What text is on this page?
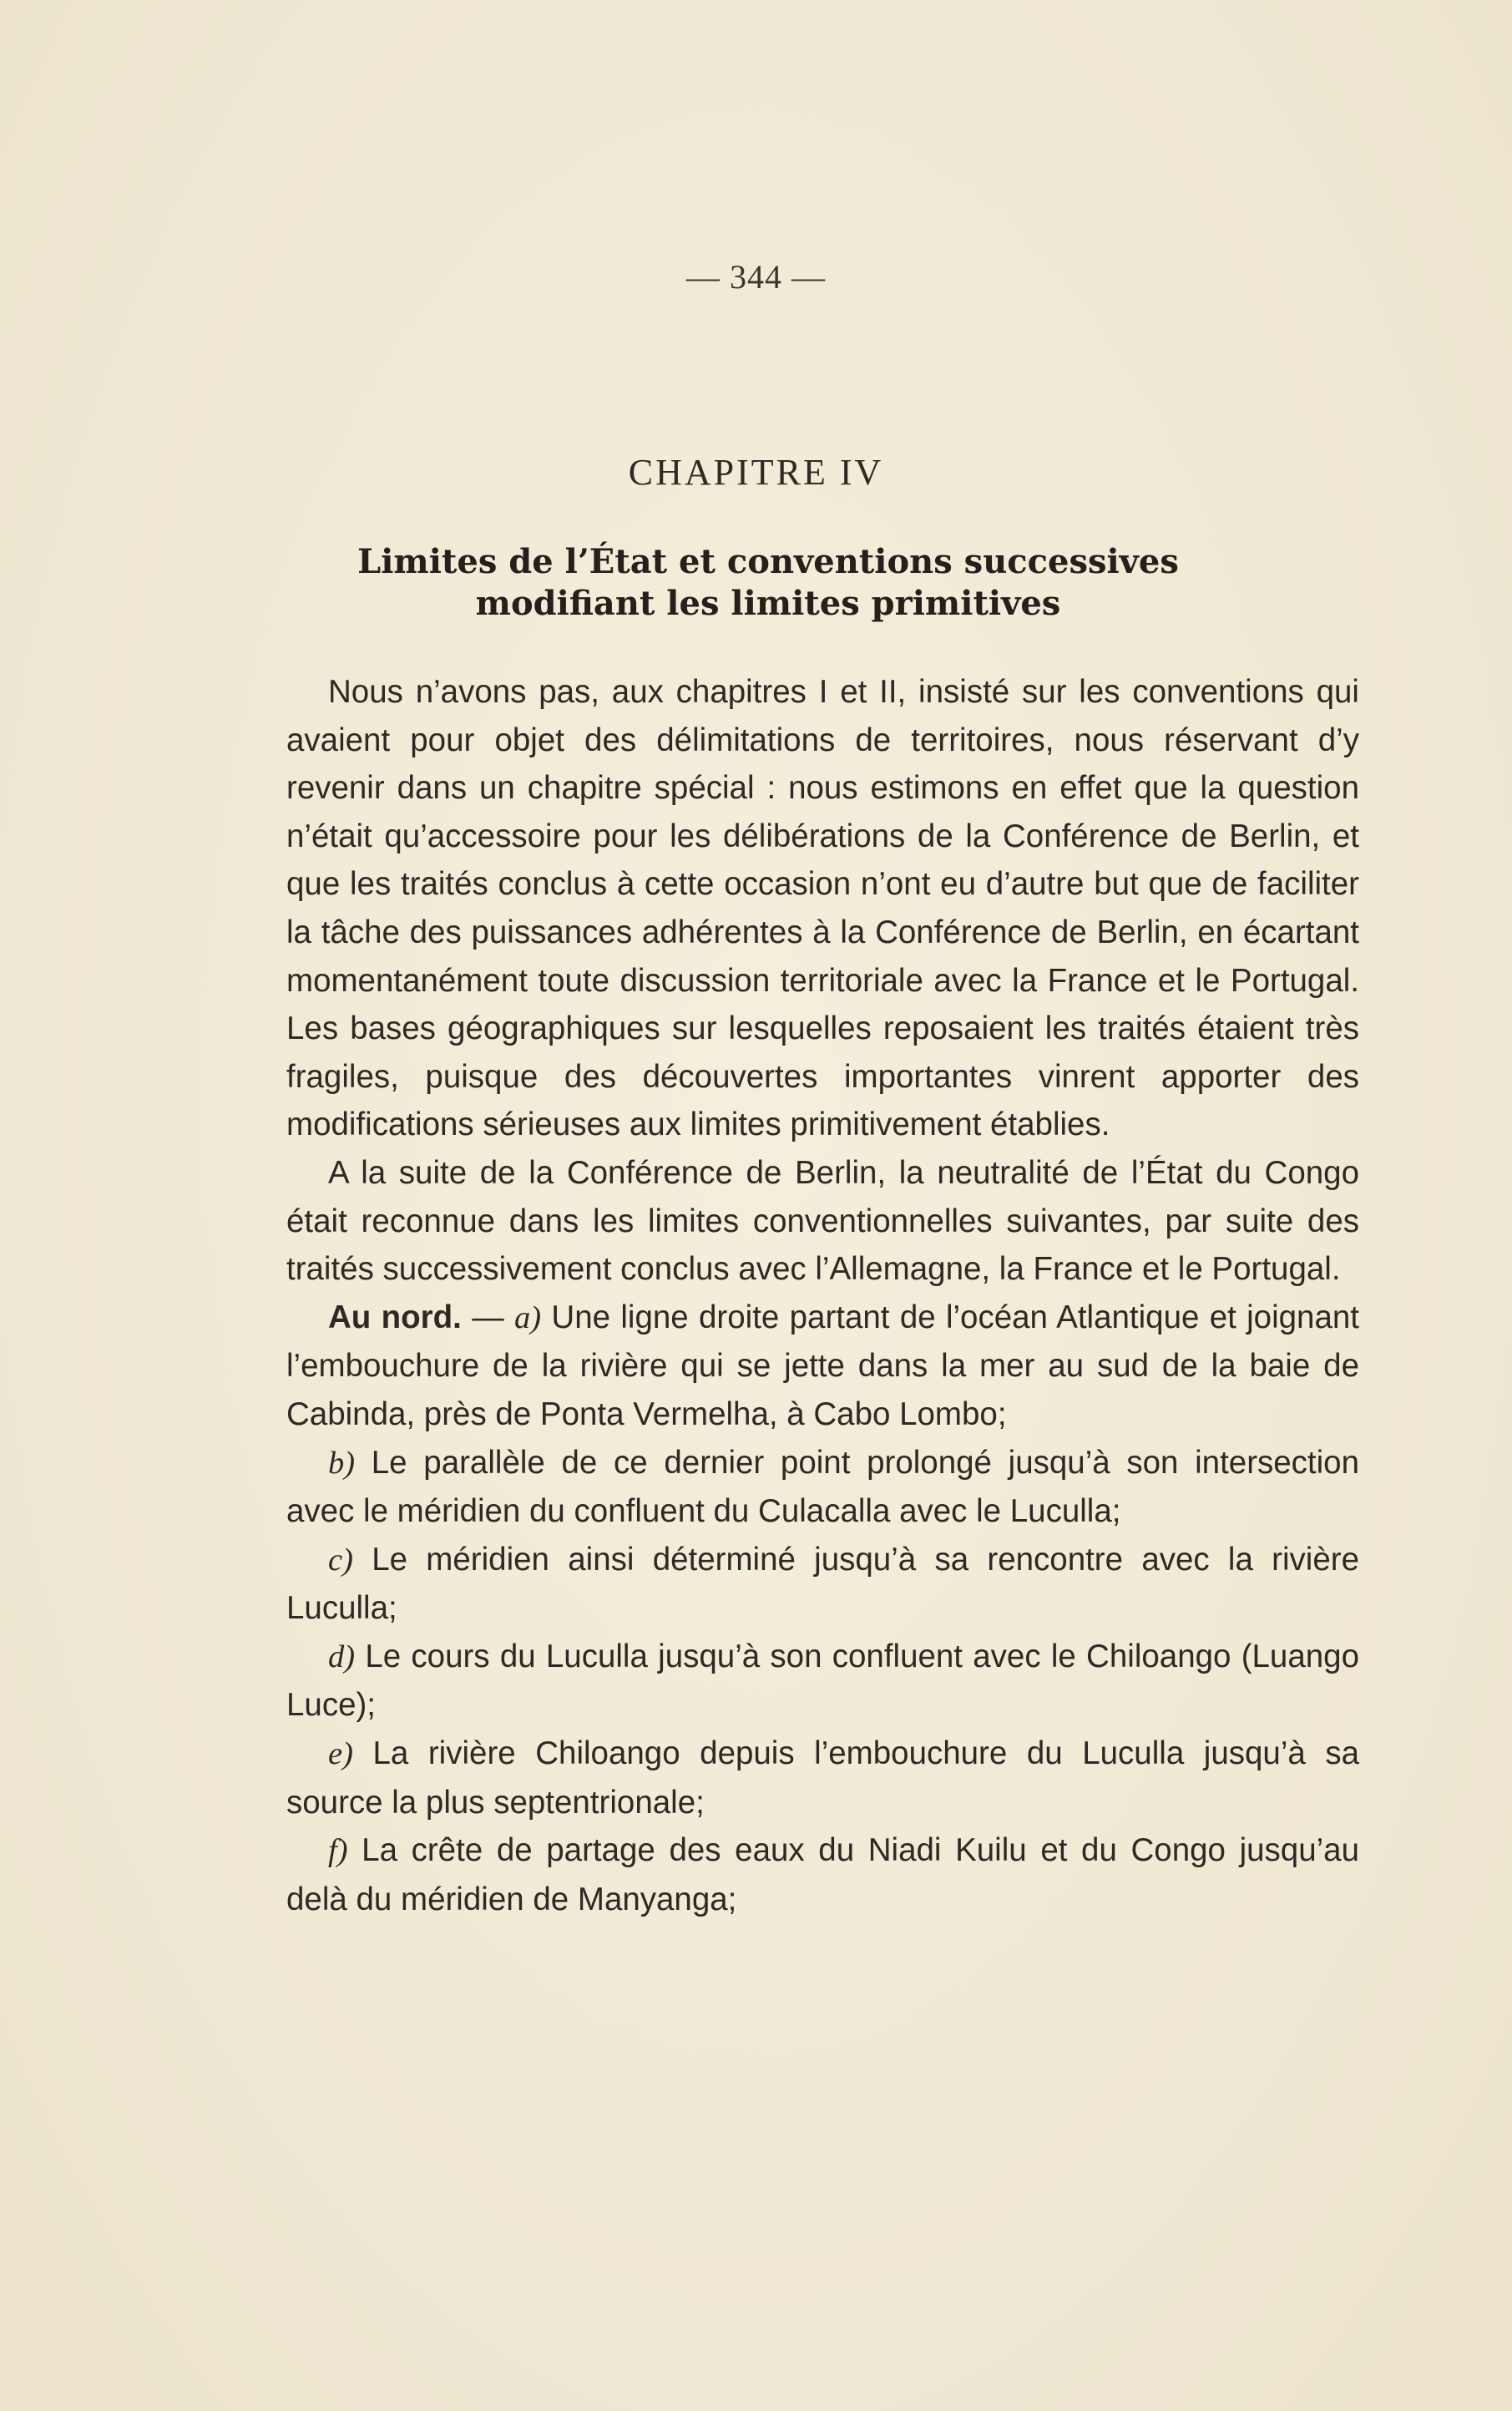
— 344 —
CHAPITRE IV
Limites de l’État et conventions successives
modifiant les limites primitives

Nous n’avons pas, aux chapitres I et II, insisté sur les conventions qui avaient pour objet des délimitations de territoires, nous réservant d’y revenir dans un chapitre spécial : nous estimons en effet que la question n’était qu’accessoire pour les délibérations de la Conférence de Berlin, et que les traités conclus à cette occasion n’ont eu d’autre but que de faciliter la tâche des puissances adhérentes à la Conférence de Berlin, en écartant momentanément toute discussion territoriale avec la France et le Portugal. Les bases géographiques sur lesquelles reposaient les traités étaient très fragiles, puisque des découvertes importantes vinrent apporter des modifications sérieuses aux limites primitivement établies.

A la suite de la Conférence de Berlin, la neutralité de l’État du Congo était reconnue dans les limites conventionnelles suivantes, par suite des traités successivement conclus avec l’Allemagne, la France et le Portugal.

Au nord. — a) Une ligne droite partant de l’océan Atlantique et joignant l’embouchure de la rivière qui se jette dans la mer au sud de la baie de Cabinda, près de Ponta Vermelha, à Cabo Lombo;

b) Le parallèle de ce dernier point prolongé jusqu’à son intersection avec le méridien du confluent du Culacalla avec le Luculla;

c) Le méridien ainsi déterminé jusqu’à sa rencontre avec la rivière Luculla;

d) Le cours du Luculla jusqu’à son confluent avec le Chiloango (Luango Luce);

e) La rivière Chiloango depuis l’embouchure du Luculla jusqu’à sa source la plus septentrionale;

f) La crête de partage des eaux du Niadi Kuilu et du Congo jusqu’au delà du méridien de Manyanga;
